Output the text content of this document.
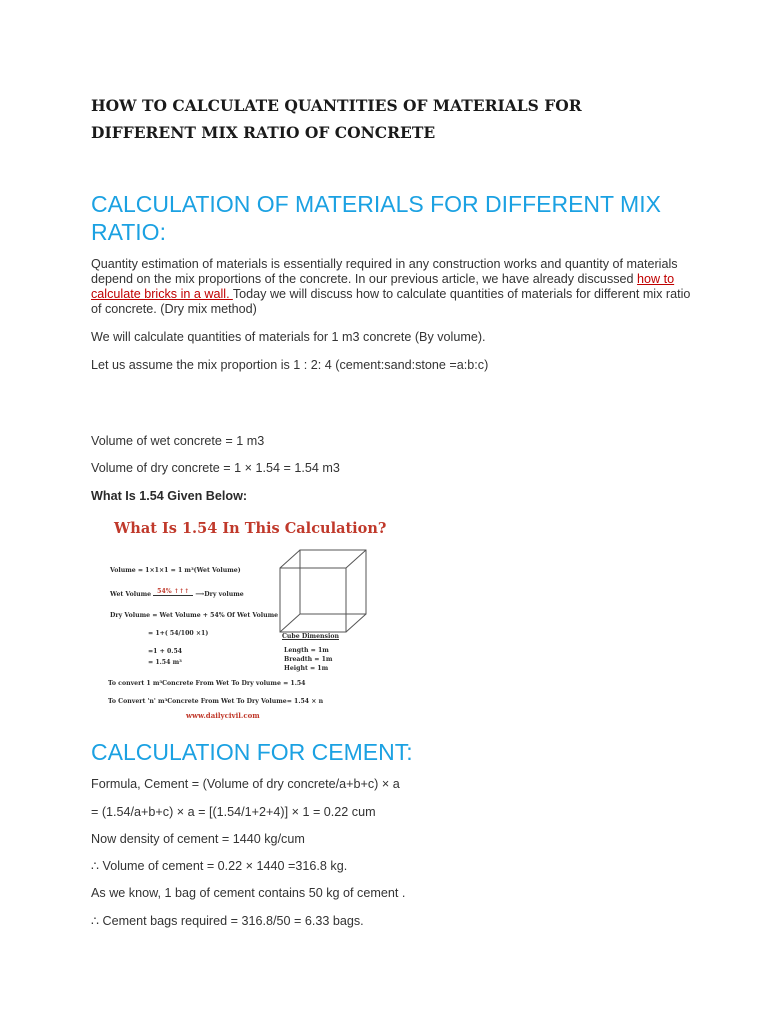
HOW TO CALCULATE QUANTITIES OF MATERIALS FOR DIFFERENT MIX RATIO OF CONCRETE
CALCULATION OF MATERIALS FOR DIFFERENT MIX RATIO:

Quantity estimation of materials is essentially required in any construction works and quantity of materials depend on the mix proportions of the concrete. In our previous article, we have already discussed how to calculate bricks in a wall. Today we will discuss how to calculate quantities of materials for different mix ratio of concrete. (Dry mix method)

We will calculate quantities of materials for 1 m3 concrete (By volume).

Let us assume the mix proportion is 1 : 2: 4 (cement:sand:stone =a:b:c)

Volume of wet concrete = 1 m3

Volume of dry concrete = 1 × 1.54 = 1.54 m3

What Is 1.54 Given Below:

What Is 1.54 In This Calculation?
Volume = 1×1×1 = 1 m³(Wet Volume)
Wet Volume 54% ↑↑↑ ⟶Dry volume
Dry Volume = Wet Volume + 54% Of Wet Volume
= 1+( 54/100 ×1)
=1 + 0.54
= 1.54 m³
Cube Dimension
Length = 1m
Breadth = 1m
Height = 1m
To convert 1 m³Concrete From Wet To Dry volume = 1.54
To Convert 'n' m³Concrete From Wet To Dry Volume= 1.54 × n
www.dailycivil.com
CALCULATION FOR CEMENT:

Formula, Cement = (Volume of dry concrete/a+b+c) × a

= (1.54/a+b+c) × a = [(1.54/1+2+4)] × 1 = 0.22 cum

Now density of cement = 1440 kg/cum

∴ Volume of cement = 0.22 × 1440 =316.8 kg.

As we know, 1 bag of cement contains 50 kg of cement .

∴ Cement bags required = 316.8/50 = 6.33 bags.
